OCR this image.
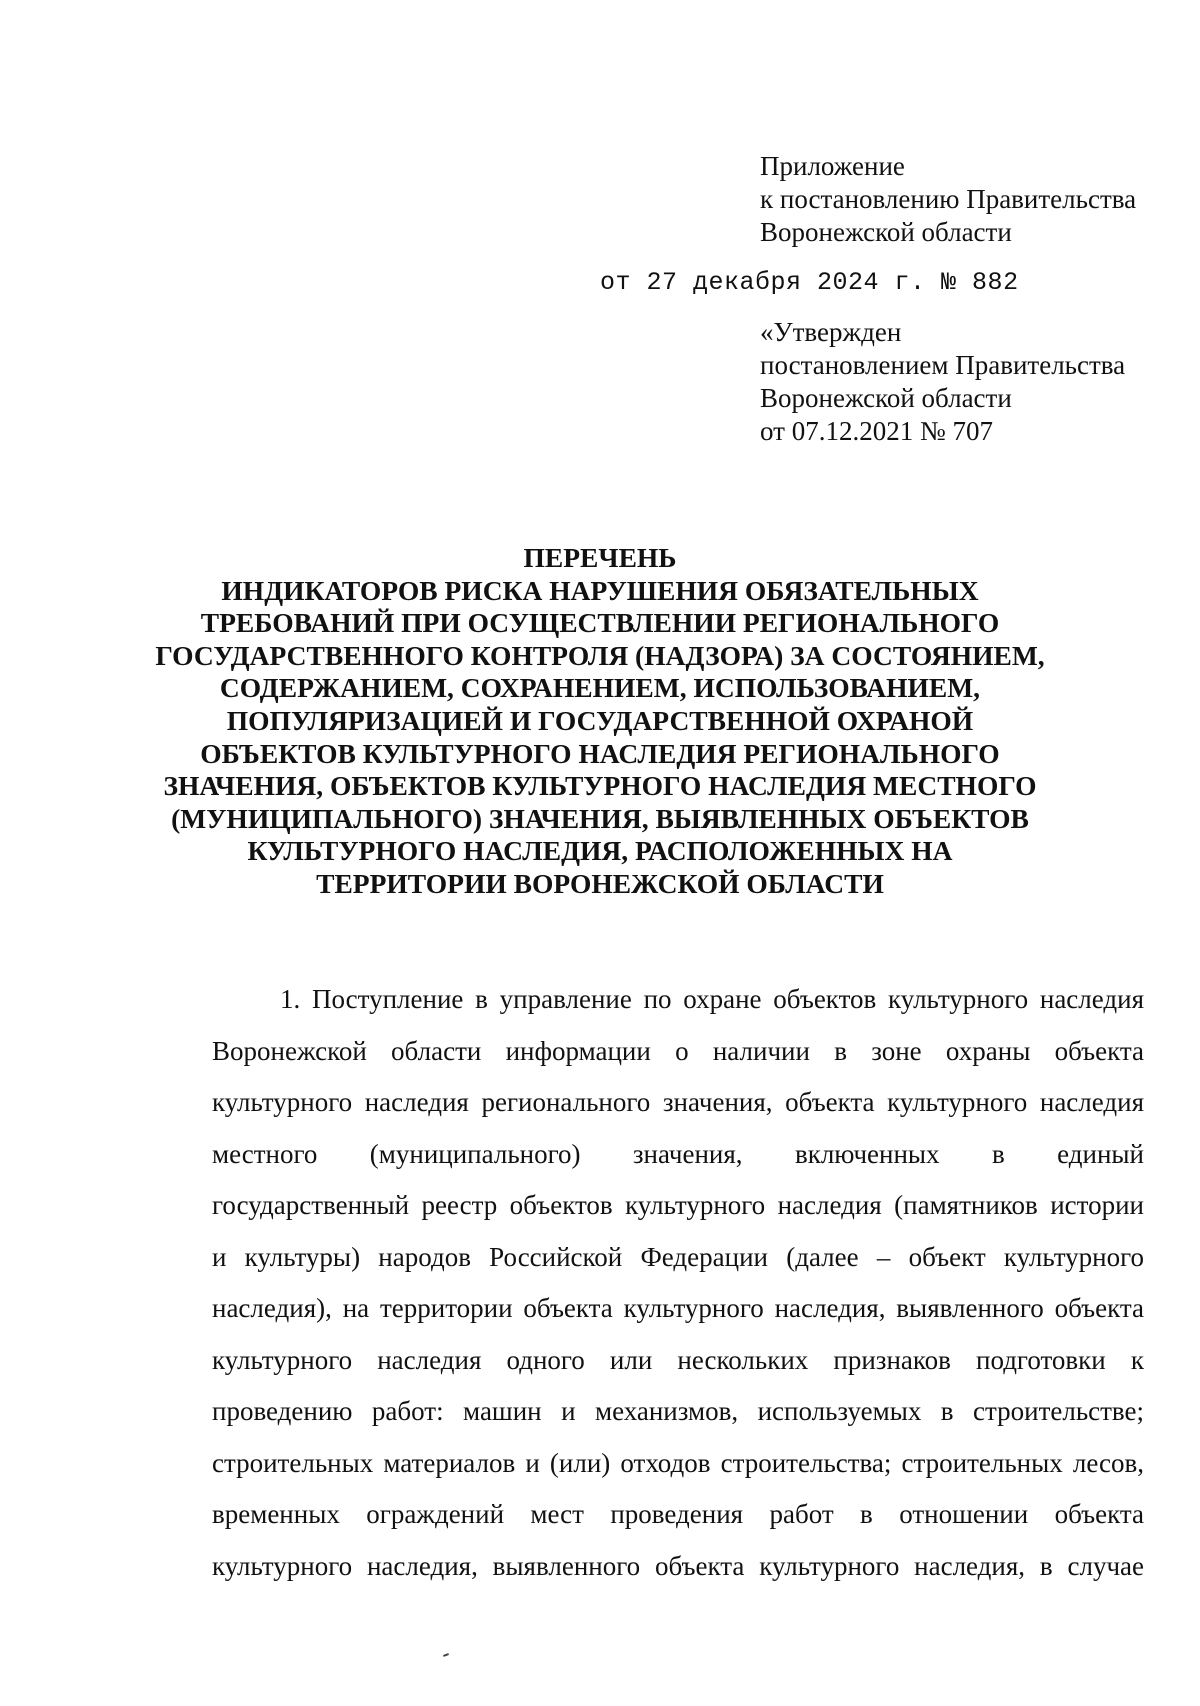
Приложение
к постановлению Правительства
Воронежской области
от 27 декабря 2024 г. № 882
«Утвержден
постановлением Правительства
Воронежской области
от 07.12.2021 № 707
ПЕРЕЧЕНЬ
ИНДИКАТОРОВ РИСКА НАРУШЕНИЯ ОБЯЗАТЕЛЬНЫХ
ТРЕБОВАНИЙ ПРИ ОСУЩЕСТВЛЕНИИ РЕГИОНАЛЬНОГО
ГОСУДАРСТВЕННОГО КОНТРОЛЯ (НАДЗОРА) ЗА СОСТОЯНИЕМ,
СОДЕРЖАНИЕМ, СОХРАНЕНИЕМ, ИСПОЛЬЗОВАНИЕМ,
ПОПУЛЯРИЗАЦИЕЙ И ГОСУДАРСТВЕННОЙ ОХРАНОЙ
ОБЪЕКТОВ КУЛЬТУРНОГО НАСЛЕДИЯ РЕГИОНАЛЬНОГО
ЗНАЧЕНИЯ, ОБЪЕКТОВ КУЛЬТУРНОГО НАСЛЕДИЯ МЕСТНОГО
(МУНИЦИПАЛЬНОГО) ЗНАЧЕНИЯ, ВЫЯВЛЕННЫХ ОБЪЕКТОВ
КУЛЬТУРНОГО НАСЛЕДИЯ, РАСПОЛОЖЕННЫХ НА
ТЕРРИТОРИИ ВОРОНЕЖСКОЙ ОБЛАСТИ
1. Поступление в управление по охране объектов культурного наследия
Воронежской области информации о наличии в зоне охраны объекта
культурного наследия регионального значения, объекта культурного наследия
местного (муниципального) значения, включенных в единый
государственный реестр объектов культурного наследия (памятников истории
и культуры) народов Российской Федерации (далее – объект культурного
наследия), на территории объекта культурного наследия, выявленного объекта
культурного наследия одного или нескольких признаков подготовки к
проведению работ: машин и механизмов, используемых в строительстве;
строительных материалов и (или) отходов строительства; строительных лесов,
временных ограждений мест проведения работ в отношении объекта
культурного наследия, выявленного объекта культурного наследия, в случае
